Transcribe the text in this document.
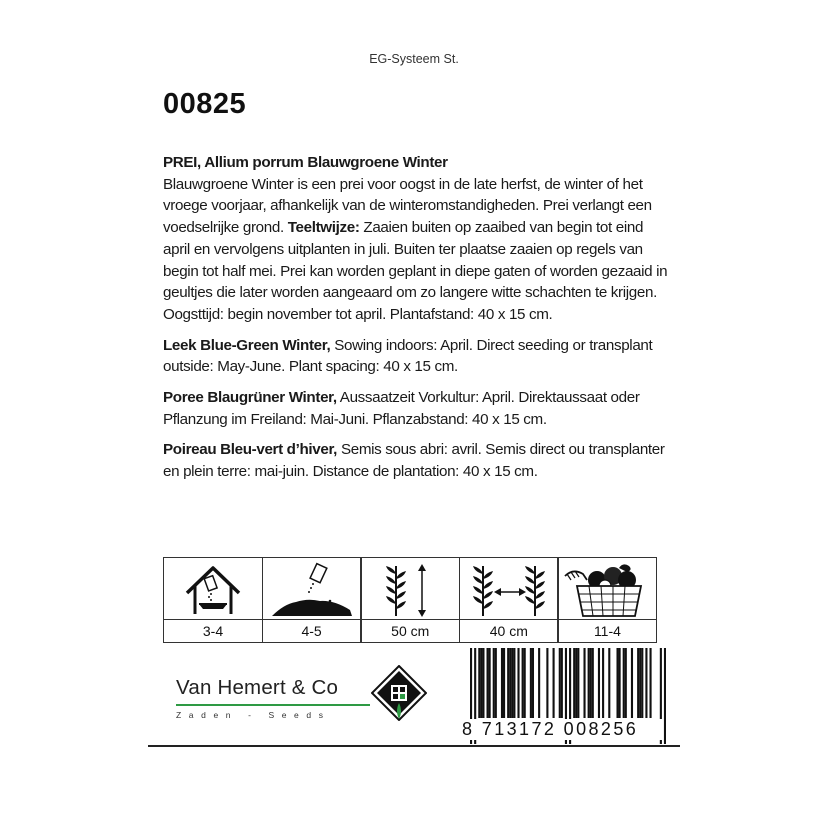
EG-Systeem St.
00825

PREI, Allium porrum Blauwgroene Winter
Blauwgroene Winter is een prei voor oogst in de late herfst, de winter of het vroege voorjaar, afhankelijk van de winteromstandigheden. Prei verlangt een voedselrijke grond. Teeltwijze: Zaaien buiten op zaaibed van begin tot eind april en vervolgens uitplanten in juli. Buiten ter plaatse zaaien op regels van begin tot half mei. Prei kan worden geplant in diepe gaten of worden gezaaid in geultjes die later worden aangeaard om zo langere witte schachten te krijgen. Oogsttijd: begin november tot april. Plantafstand: 40 x 15 cm.

Leek Blue-Green Winter, Sowing indoors: April. Direct seeding or transplant outside: May-June. Plant spacing: 40 x 15 cm.

Poree Blaugrüner Winter, Aussaatzeit Vorkultur: April. Direktaussaat oder Pflanzung im Freiland: Mai-Juni. Pflanzabstand: 40 x 15 cm.

Poireau Bleu-vert d’hiver, Semis sous abri: avril. Semis direct ou transplanter en plein terre: mai-juin. Distance de plantation: 40 x 15 cm.

3-4	4-5	50 cm	40 cm	11-4
Van Hemert & Co
Zaden - Seeds
8 713172 008256
